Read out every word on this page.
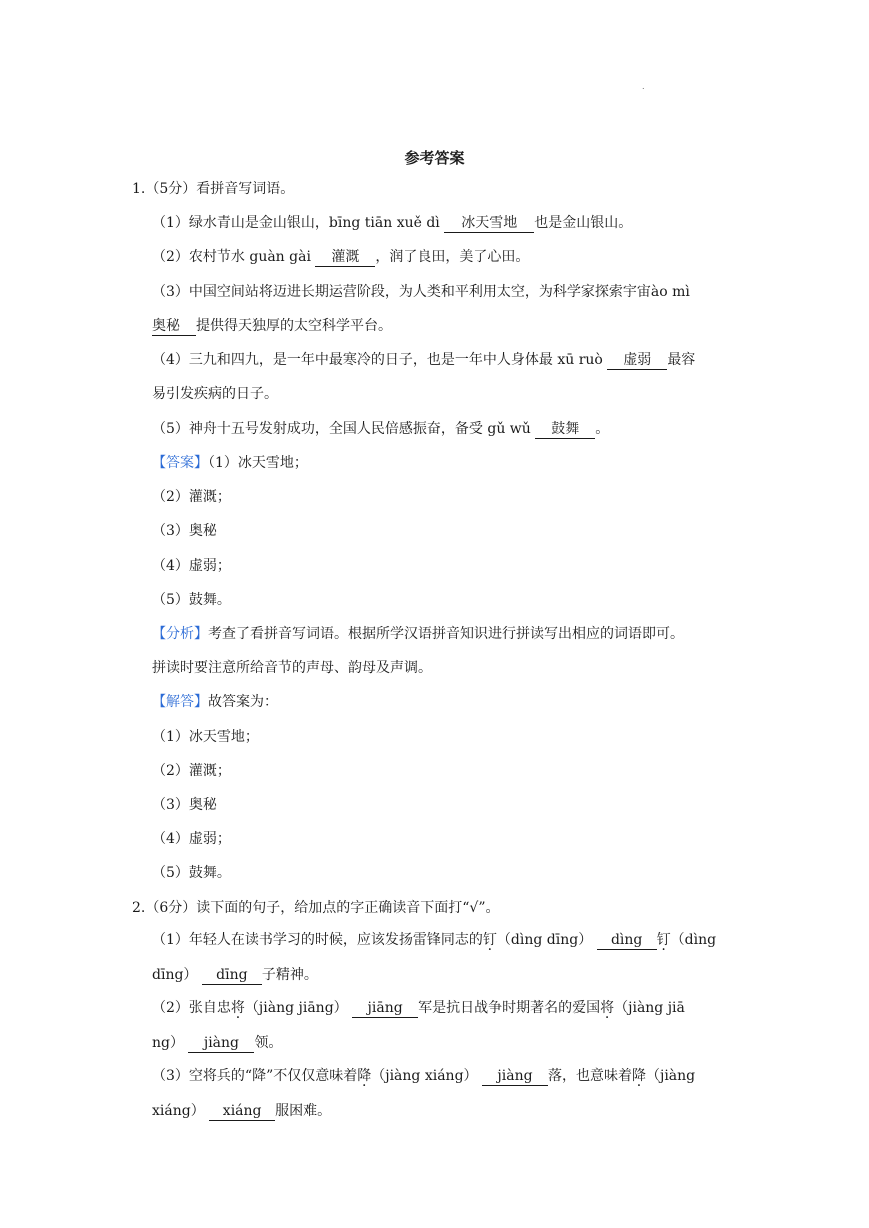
.
参考答案
1.（5分）看拼音写词语。
（1）绿水青山是金山银山，bīng tiān xuě dì 冰天雪地 也是金山银山。
（2）农村节水 guàn gài 灌溉 ，润了良田，美了心田。
（3）中国空间站将迈进长期运营阶段，为人类和平利用太空，为科学家探索宇宙ào mì
奥秘 提供得天独厚的太空科学平台。
（4）三九和四九，是一年中最寒冷的日子，也是一年中人身体最 xū ruò 虚弱 最容
易引发疾病的日子。
（5）神舟十五号发射成功，全国人民倍感振奋，备受 gǔ wǔ 鼓舞 。
【答案】（1）冰天雪地；
（2）灌溉；
（3）奥秘
（4）虚弱；
（5）鼓舞。
【分析】考查了看拼音写词语。根据所学汉语拼音知识进行拼读写出相应的词语即可。
拼读时要注意所给音节的声母、韵母及声调。
【解答】故答案为：
（1）冰天雪地；
（2）灌溉；
（3）奥秘
（4）虚弱；
（5）鼓舞。
2.（6分）读下面的句子，给加点的字正确读音下面打“√”。
（1）年轻人在读书学习的时候，应该发扬雷锋同志的钉（dìng dīng） dìng 钉（dìng
dīng） dīng 子精神。
（2）张自忠将（jiàng jiāng） jiāng 军是抗日战争时期著名的爱国将（jiàng jiā
ng） jiàng 领。
（3）空将兵的“降”不仅仅意味着降（jiàng xiáng） jiàng 落，也意味着降（jiàng
xiáng） xiáng 服困难。
